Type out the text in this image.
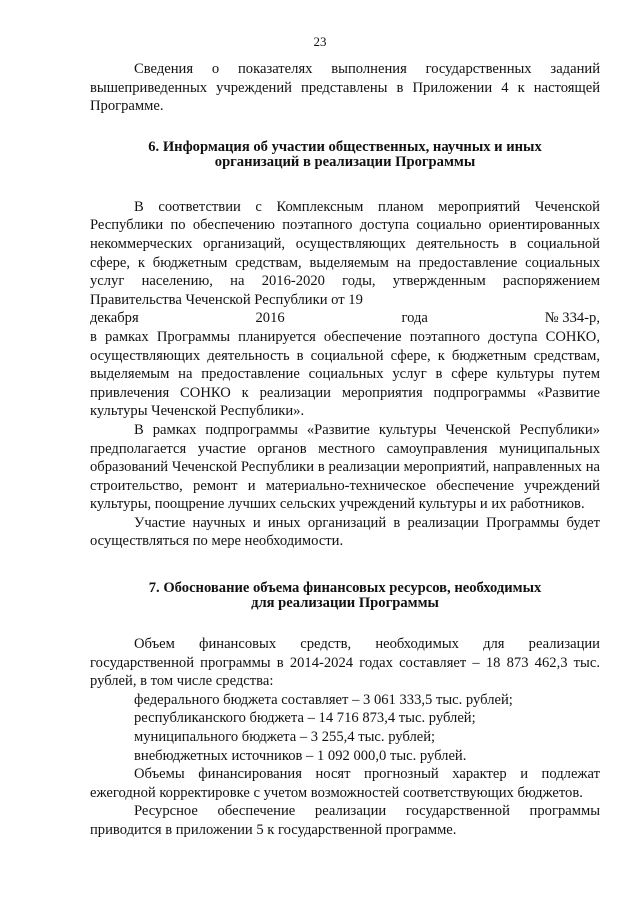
23

Сведения о показателях выполнения государственных заданий вышеприведенных учреждений представлены в Приложении 4 к настоящей Программе.

6. Информация об участии общественных, научных и иных
организаций в реализации Программы

В соответствии с Комплексным планом мероприятий Чеченской Республики по обеспечению поэтапного доступа социально ориентированных некоммерческих организаций, осуществляющих деятельность в социальной сфере, к бюджетным средствам, выделяемым на предоставление социальных услуг населению, на 2016-2020 годы, утвержденным распоряжением Правительства Чеченской Республики от 19

декабря	2016	года	№ 334-р,

в рамках Программы планируется обеспечение поэтапного доступа СОНКО, осуществляющих деятельность в социальной сфере, к бюджетным средствам, выделяемым на предоставление социальных услуг в сфере культуры путем привлечения СОНКО к реализации мероприятия подпрограммы «Развитие культуры Чеченской Республики».

В рамках подпрограммы «Развитие культуры Чеченской Республики» предполагается участие органов местного самоуправления муниципальных образований Чеченской Республики в реализации мероприятий, направленных на строительство, ремонт и материально-техническое обеспечение учреждений культуры, поощрение лучших сельских учреждений культуры и их работников.

Участие научных и иных организаций в реализации Программы будет осуществляться по мере необходимости.

7. Обоснование объема финансовых ресурсов, необходимых
для реализации Программы

Объем финансовых средств, необходимых для реализации государственной программы в 2014-2024 годах составляет – 18 873 462,3 тыс. рублей, в том числе средства:

федерального бюджета составляет – 3 061 333,5 тыс. рублей;

республиканского бюджета – 14 716 873,4 тыс. рублей;

муниципального бюджета – 3 255,4 тыс. рублей;

внебюджетных источников – 1 092 000,0 тыс. рублей.

Объемы финансирования носят прогнозный характер и подлежат ежегодной корректировке с учетом возможностей соответствующих бюджетов.

Ресурсное обеспечение реализации государственной программы приводится в приложении 5 к государственной программе.
